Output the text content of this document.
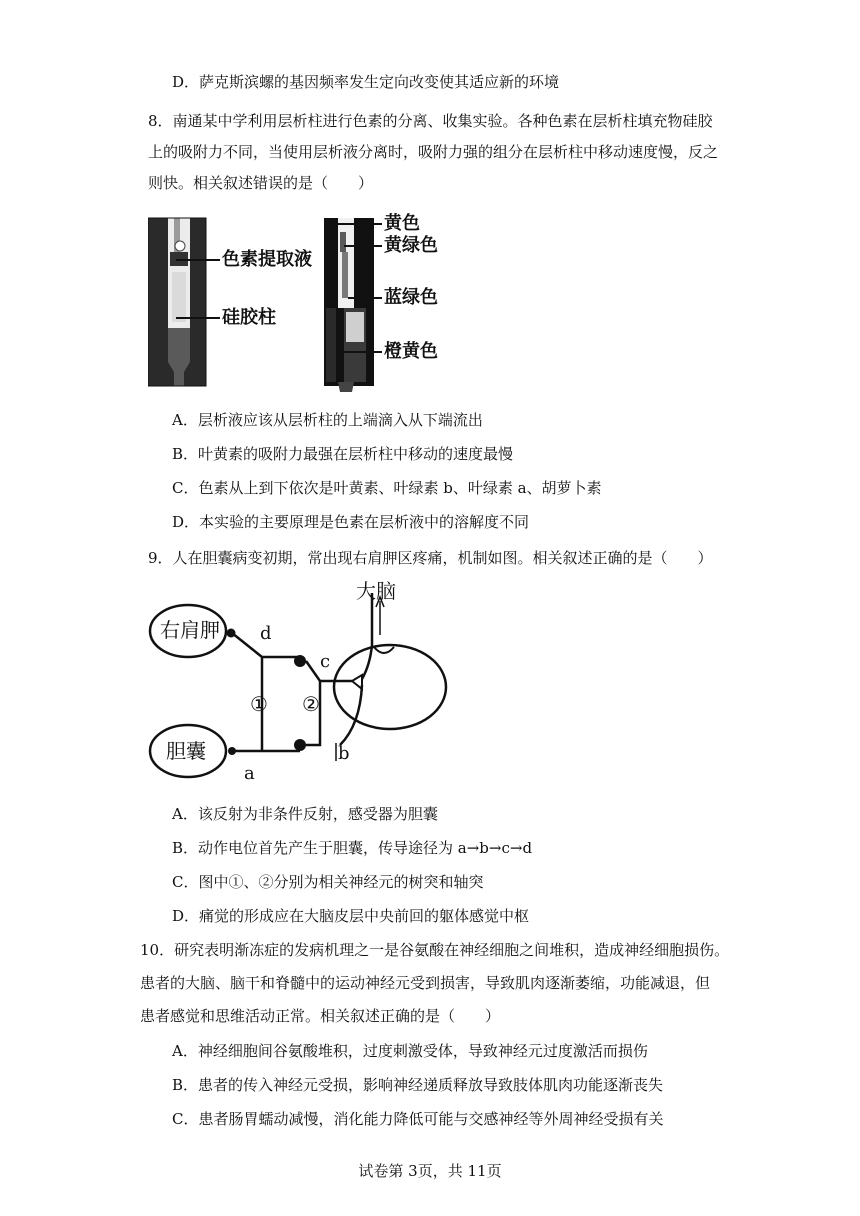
D．萨克斯滨螺的基因频率发生定向改变使其适应新的环境
8．南通某中学利用层析柱进行色素的分离、收集实验。各种色素在层析柱填充物硅胶
上的吸附力不同，当使用层析液分离时，吸附力强的组分在层析柱中移动速度慢，反之
则快。相关叙述错误的是（　　）
色素提取液
硅胶柱
黄色
黄绿色
蓝绿色
橙黄色
A．层析液应该从层析柱的上端滴入从下端流出
B．叶黄素的吸附力最强在层析柱中移动的速度最慢
C．色素从上到下依次是叶黄素、叶绿素 b、叶绿素 a、胡萝卜素
D．本实验的主要原理是色素在层析液中的溶解度不同
9．人在胆囊病变初期，常出现右肩胛区疼痛，机制如图。相关叙述正确的是（　　）
大脑
右肩胛
胆囊
d
c
b
a
① ②
A．该反射为非条件反射，感受器为胆囊
B．动作电位首先产生于胆囊，传导途径为 a→b→c→d
C．图中①、②分别为相关神经元的树突和轴突
D．痛觉的形成应在大脑皮层中央前回的躯体感觉中枢
10．研究表明渐冻症的发病机理之一是谷氨酸在神经细胞之间堆积，造成神经细胞损伤。
患者的大脑、脑干和脊髓中的运动神经元受到损害，导致肌肉逐渐萎缩，功能减退，但
患者感觉和思维活动正常。相关叙述正确的是（　　）
A．神经细胞间谷氨酸堆积，过度刺激受体，导致神经元过度激活而损伤
B．患者的传入神经元受损，影响神经递质释放导致肢体肌肉功能逐渐丧失
C．患者肠胃蠕动减慢，消化能力降低可能与交感神经等外周神经受损有关
试卷第 3页，共 11页
